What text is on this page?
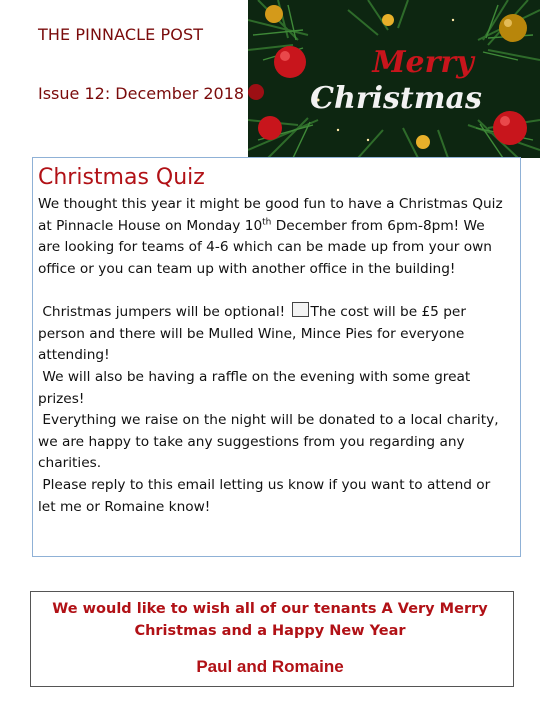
THE PINNACLE POST
Issue 12: December 2018
Merry
Christmas
Christmas Quiz
We thought this year it might be good fun to have a Christmas Quiz at Pinnacle House on Monday 10th December from 6pm-8pm! We are looking for teams of 4-6 which can be made up from your own office or you can team up with another office in the building!
Christmas jumpers will be optional! The cost will be £5 per person and there will be Mulled Wine, Mince Pies for everyone attending!
We will also be having a raffle on the evening with some great prizes!
Everything we raise on the night will be donated to a local charity, we are happy to take any suggestions from you regarding any charities.
Please reply to this email letting us know if you want to attend or let me or Romaine know!
We would like to wish all of our tenants A Very Merry Christmas and a Happy New Year
Paul and Romaine
